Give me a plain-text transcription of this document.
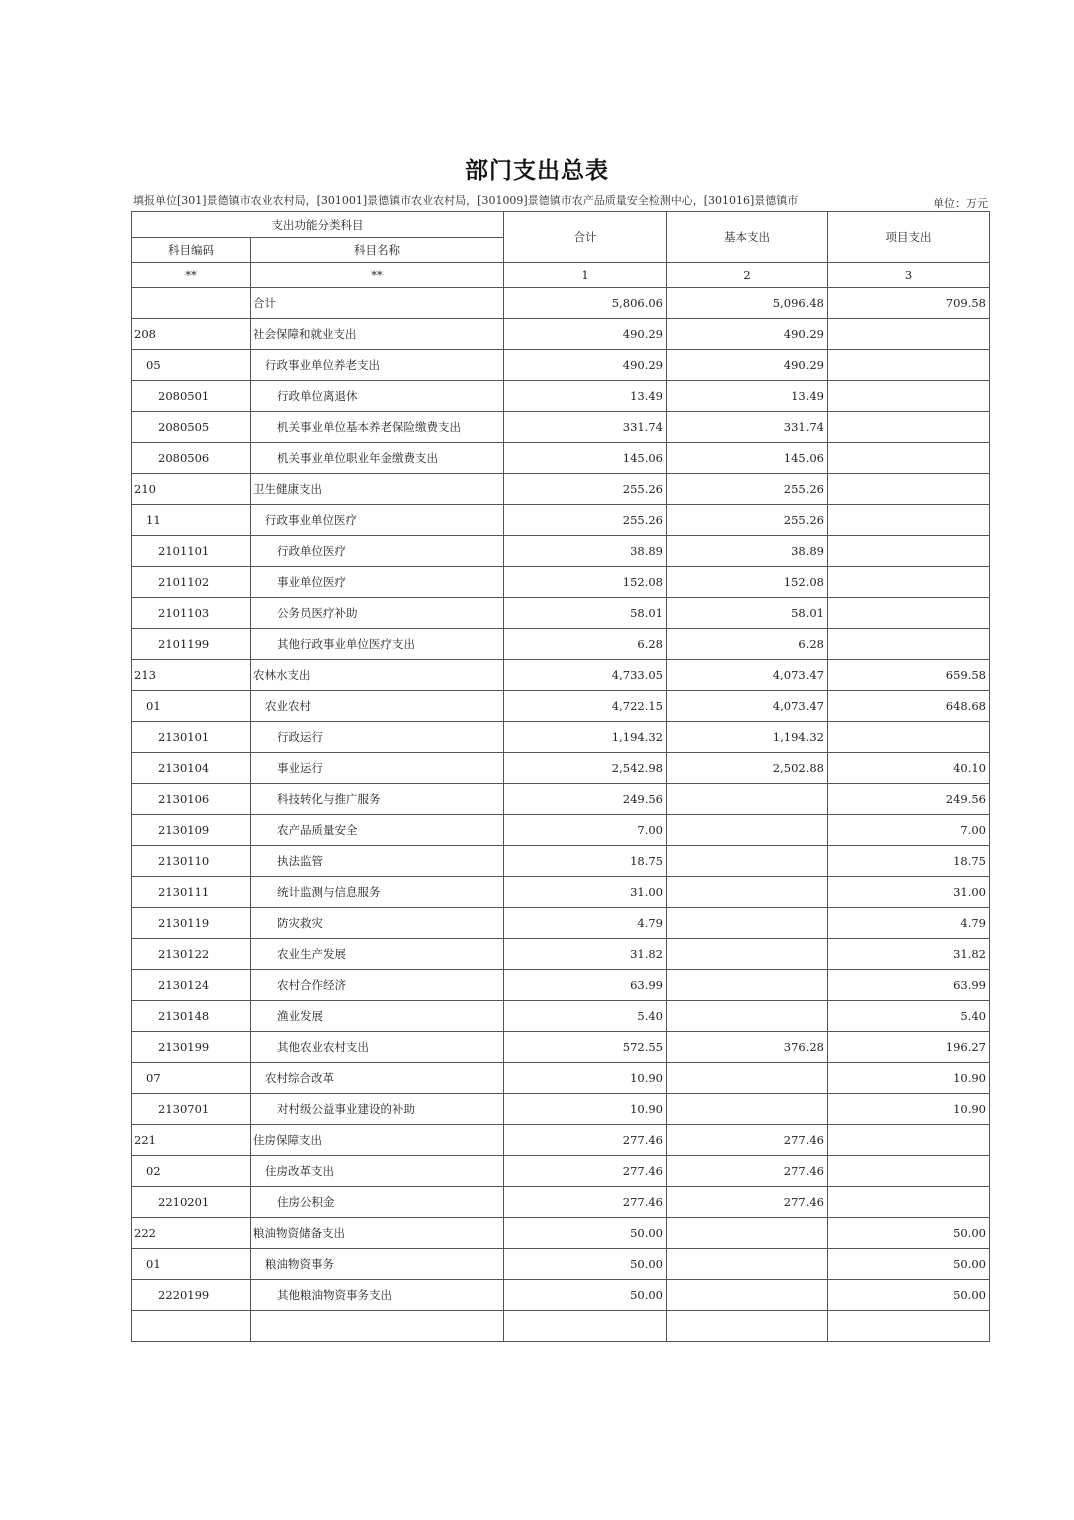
部门支出总表
填报单位[301]景德镇市农业农村局，[301001]景德镇市农业农村局，[301009]景德镇市农产品质量安全检测中心，[301016]景德镇市	单位：万元
支出功能分类科目		合计	基本支出	项目支出
科目编码	科目名称			
**	**	1	2	3
	合计	5,806.06	5,096.48	709.58
208	社会保障和就业支出	490.29	490.29	
05	行政事业单位养老支出	490.29	490.29	
2080501	行政单位离退休	13.49	13.49	
2080505	机关事业单位基本养老保险缴费支出	331.74	331.74	
2080506	机关事业单位职业年金缴费支出	145.06	145.06	
210	卫生健康支出	255.26	255.26	
11	行政事业单位医疗	255.26	255.26	
2101101	行政单位医疗	38.89	38.89	
2101102	事业单位医疗	152.08	152.08	
2101103	公务员医疗补助	58.01	58.01	
2101199	其他行政事业单位医疗支出	6.28	6.28	
213	农林水支出	4,733.05	4,073.47	659.58
01	农业农村	4,722.15	4,073.47	648.68
2130101	行政运行	1,194.32	1,194.32	
2130104	事业运行	2,542.98	2,502.88	40.10
2130106	科技转化与推广服务	249.56		249.56
2130109	农产品质量安全	7.00		7.00
2130110	执法监管	18.75		18.75
2130111	统计监测与信息服务	31.00		31.00
2130119	防灾救灾	4.79		4.79
2130122	农业生产发展	31.82		31.82
2130124	农村合作经济	63.99		63.99
2130148	渔业发展	5.40		5.40
2130199	其他农业农村支出	572.55	376.28	196.27
07	农村综合改革	10.90		10.90
2130701	对村级公益事业建设的补助	10.90		10.90
221	住房保障支出	277.46	277.46	
02	住房改革支出	277.46	277.46	
2210201	住房公积金	277.46	277.46	
222	粮油物资储备支出	50.00		50.00
01	粮油物资事务	50.00		50.00
2220199	其他粮油物资事务支出	50.00		50.00
